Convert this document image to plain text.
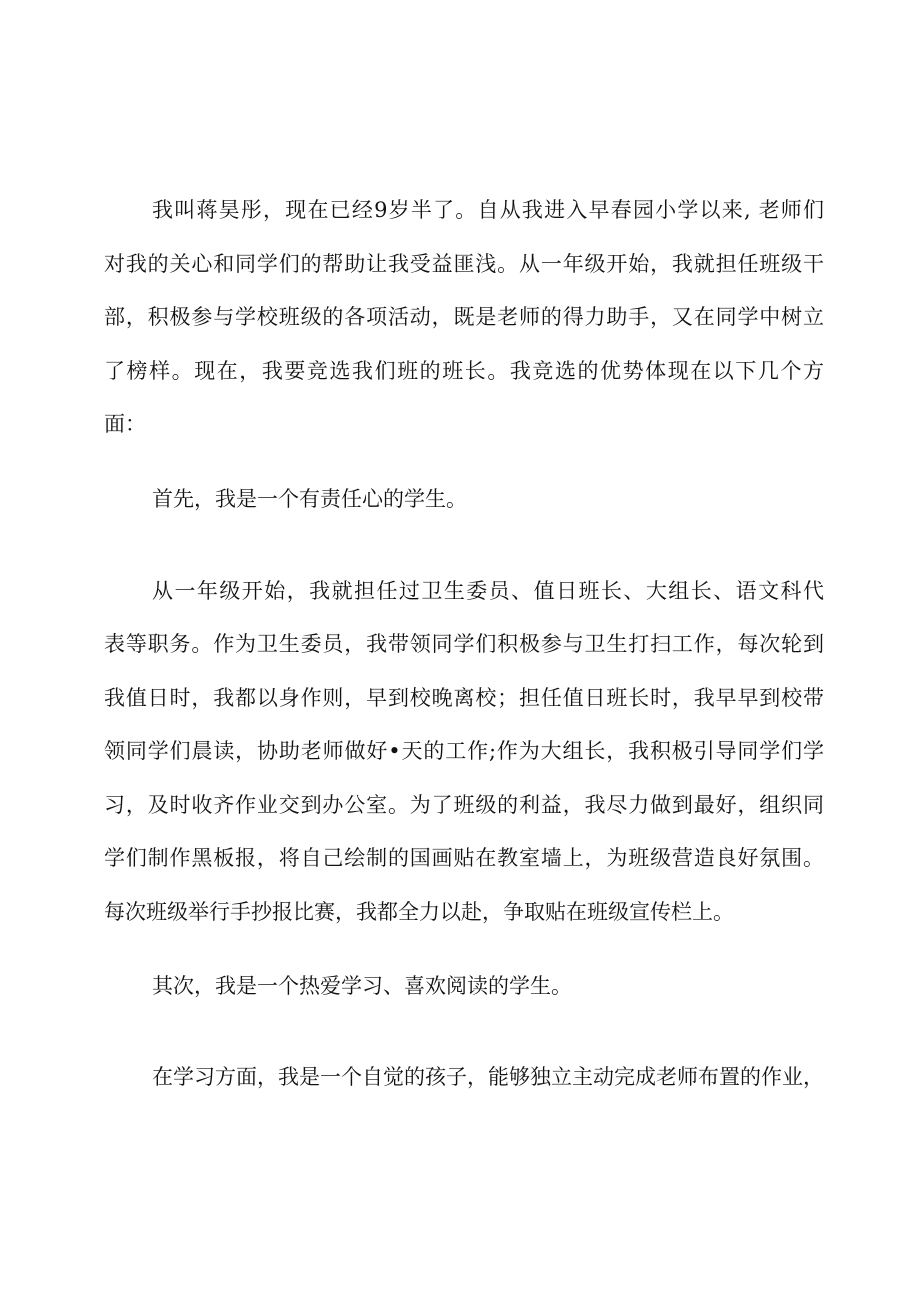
我叫蒋昊彤，现在已经9岁半了。自从我进入早春园小学以来, 老师们

对我的关心和同学们的帮助让我受益匪浅。从一年级开始，我就担任班级干

部，积极参与学校班级的各项活动，既是老师的得力助手，又在同学中树立

了榜样。现在，我要竞选我们班的班长。我竞选的优势体现在以下几个方

面：

首先，我是一个有责任心的学生。

从一年级开始，我就担任过卫生委员、值日班长、大组长、语文科代

表等职务。作为卫生委员，我带领同学们积极参与卫生打扫工作，每次轮到

我值日时，我都以身作则，早到校晚离校；担任值日班长时，我早早到校带

领同学们晨读，协助老师做好•天的工作;作为大组长，我积极引导同学们学

习，及时收齐作业交到办公室。为了班级的利益，我尽力做到最好，组织同

学们制作黑板报，将自己绘制的国画贴在教室墙上，为班级营造良好氛围。

每次班级举行手抄报比赛，我都全力以赴，争取贴在班级宣传栏上。

其次，我是一个热爱学习、喜欢阅读的学生。

在学习方面，我是一个自觉的孩子，能够独立主动完成老师布置的作业，
